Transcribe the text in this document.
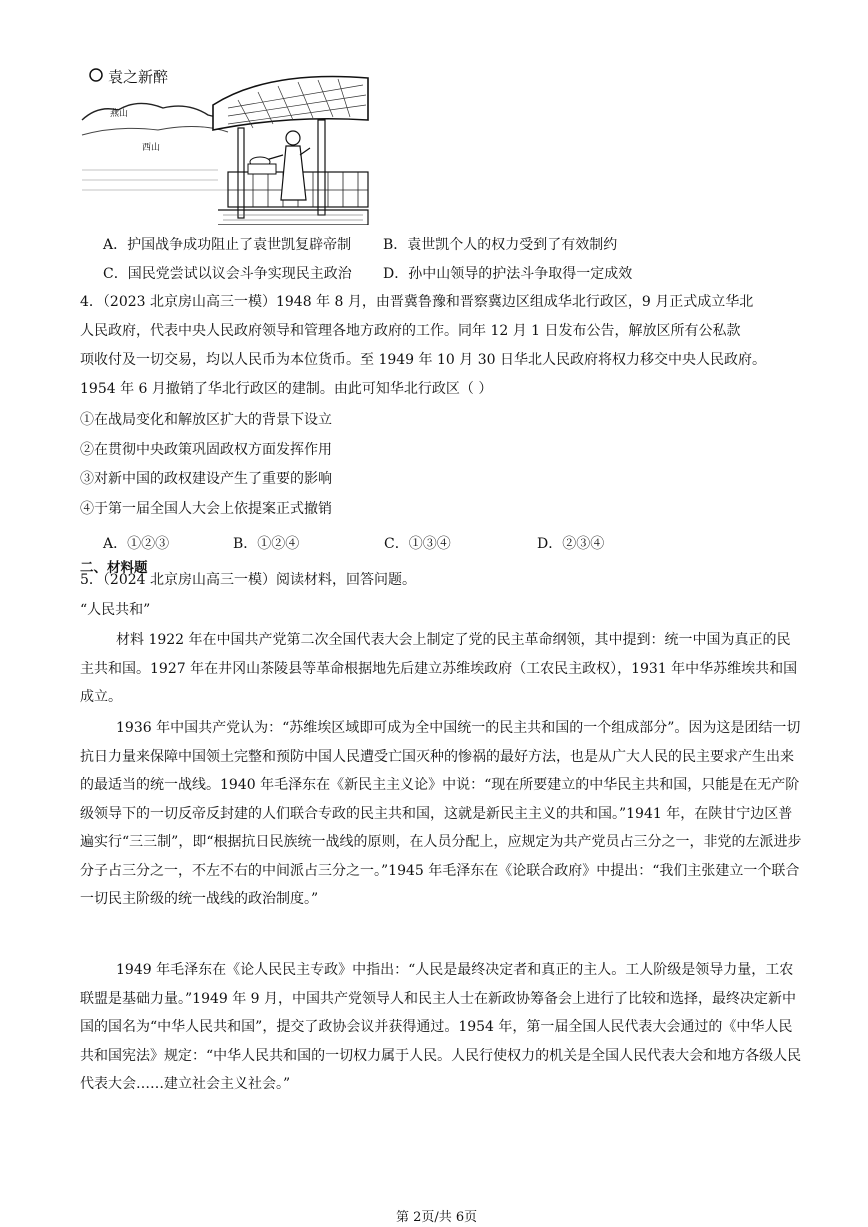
袁之新醉
燕山
西山
A．护国战争成功阻止了袁世凯复辟帝制 B．袁世凯个人的权力受到了有效制约
C．国民党尝试以议会斗争实现民主政治 D．孙中山领导的护法斗争取得一定成效
4．（2023 北京房山高三一模）1948 年 8 月，由晋冀鲁豫和晋察冀边区组成华北行政区，9 月正式成立华北
人民政府，代表中央人民政府领导和管理各地方政府的工作。同年 12 月 1 日发布公告，解放区所有公私款
项收付及一切交易，均以人民币为本位货币。至 1949 年 10 月 30 日华北人民政府将权力移交中央人民政府。
1954 年 6 月撤销了华北行政区的建制。由此可知华北行政区（ ）
①在战局变化和解放区扩大的背景下设立
②在贯彻中央政策巩固政权方面发挥作用
③对新中国的政权建设产生了重要的影响
④于第一届全国人大会上依提案正式撤销
A．①②③	B．①②④	C．①③④	D．②③④
二、材料题
5．（2024 北京房山高三一模）阅读材料，回答问题。
“人民共和”
材料 1922 年在中国共产党第二次全国代表大会上制定了党的民主革命纲领，其中提到：统一中国为真正的民主共和国。1927 年在井冈山茶陵县等革命根据地先后建立苏维埃政府（工农民主政权），1931 年中华苏维埃共和国成立。
1936 年中国共产党认为：“苏维埃区域即可成为全中国统一的民主共和国的一个组成部分”。因为这是团结一切抗日力量来保障中国领土完整和预防中国人民遭受亡国灭种的惨祸的最好方法，也是从广大人民的民主要求产生出来的最适当的统一战线。1940 年毛泽东在《新民主主义论》中说：“现在所要建立的中华民主共和国，只能是在无产阶级领导下的一切反帝反封建的人们联合专政的民主共和国，这就是新民主主义的共和国。”1941 年，在陕甘宁边区普遍实行“三三制”，即“根据抗日民族统一战线的原则，在人员分配上，应规定为共产党员占三分之一，非党的左派进步分子占三分之一，不左不右的中间派占三分之一。”1945 年毛泽东在《论联合政府》中提出：“我们主张建立一个联合一切民主阶级的统一战线的政治制度。”
1949 年毛泽东在《论人民民主专政》中指出：“人民是最终决定者和真正的主人。工人阶级是领导力量，工农联盟是基础力量。”1949 年 9 月，中国共产党领导人和民主人士在新政协筹备会上进行了比较和选择，最终决定新中国的国名为“中华人民共和国”，提交了政协会议并获得通过。1954 年，第一届全国人民代表大会通过的《中华人民共和国宪法》规定：“中华人民共和国的一切权力属于人民。人民行使权力的机关是全国人民代表大会和地方各级人民代表大会……建立社会主义社会。”
第 2页/共 6页
